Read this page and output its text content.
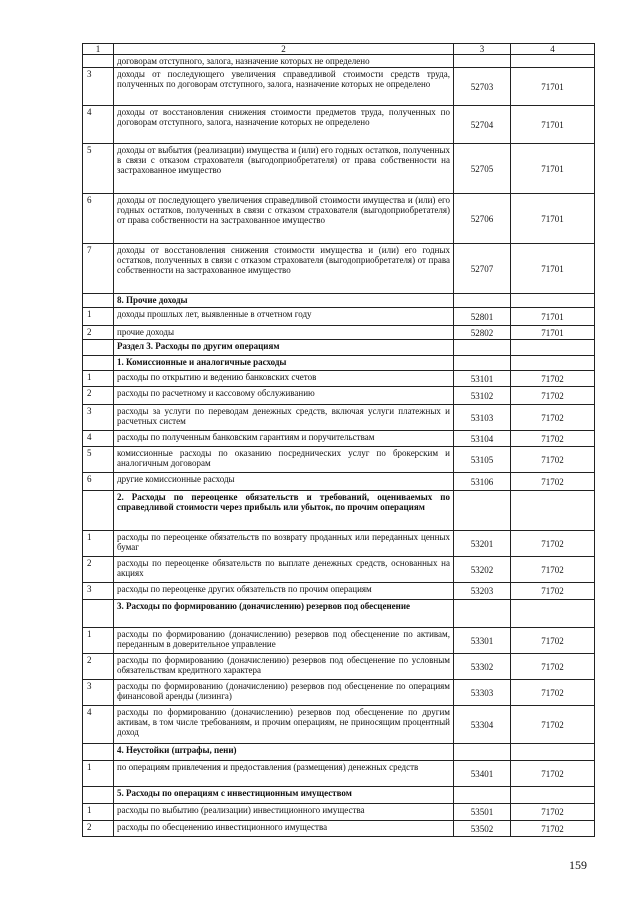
1	2	3	4
	договорам отступного, залога, назначение которых не определено		
3	доходы от последующего увеличения справедливой стоимости средств труда, полученных по договорам отступного, залога, назначение которых не определено	52703	71701
4	доходы от восстановления снижения стоимости предметов труда, полученных по договорам отступного, залога, назначение которых не определено	52704	71701
5	доходы от выбытия (реализации) имущества и (или) его годных остатков, полученных в связи с отказом страхователя (выгодоприобретателя) от права собственности на застрахованное имущество	52705	71701
6	доходы от последующего увеличения справедливой стоимости имущества и (или) его годных остатков, полученных в связи с отказом страхователя (выгодоприобретателя) от права собственности на застрахованное имущество	52706	71701
7	доходы от восстановления снижения стоимости имущества и (или) его годных остатков, полученных в связи с отказом страхователя (выгодоприобретателя) от права собственности на застрахованное имущество	52707	71701
	8. Прочие доходы		
1	доходы прошлых лет, выявленные в отчетном году	52801	71701
2	прочие доходы	52802	71701
	Раздел 3. Расходы по другим операциям		
	1. Комиссионные и аналогичные расходы		
1	расходы по открытию и ведению банковских счетов	53101	71702
2	расходы по расчетному и кассовому обслуживанию	53102	71702
3	расходы за услуги по переводам денежных средств, включая услуги платежных и расчетных систем	53103	71702
4	расходы по полученным банковским гарантиям и поручительствам	53104	71702
5	комиссионные расходы по оказанию посреднических услуг по брокерским и аналогичным договорам	53105	71702
6	другие комиссионные расходы	53106	71702
	2. Расходы по переоценке обязательств и требований, оцениваемых по справедливой стоимости через прибыль или убыток, по прочим операциям		
1	расходы по переоценке обязательств по возврату проданных или переданных ценных бумаг	53201	71702
2	расходы по переоценке обязательств по выплате денежных средств, основанных на акциях	53202	71702
3	расходы по переоценке других обязательств по прочим операциям	53203	71702
	3. Расходы по формированию (доначислению) резервов под обесценение		
1	расходы по формированию (доначислению) резервов под обесценение по активам, переданным в доверительное управление	53301	71702
2	расходы по формированию (доначислению) резервов под обесценение по условным обязательствам кредитного характера	53302	71702
3	расходы по формированию (доначислению) резервов под обесценение по операциям финансовой аренды (лизинга)	53303	71702
4	расходы по формированию (доначислению) резервов под обесценение по другим активам, в том числе требованиям, и прочим операциям, не приносящим процентный доход	53304	71702
	4. Неустойки (штрафы, пени)		
1	по операциям привлечения и предоставления (размещения) денежных средств	53401	71702
	5. Расходы по операциям с инвестиционным имуществом		
1	расходы по выбытию (реализации) инвестиционного имущества	53501	71702
2	расходы по обесценению инвестиционного имущества	53502	71702
159
